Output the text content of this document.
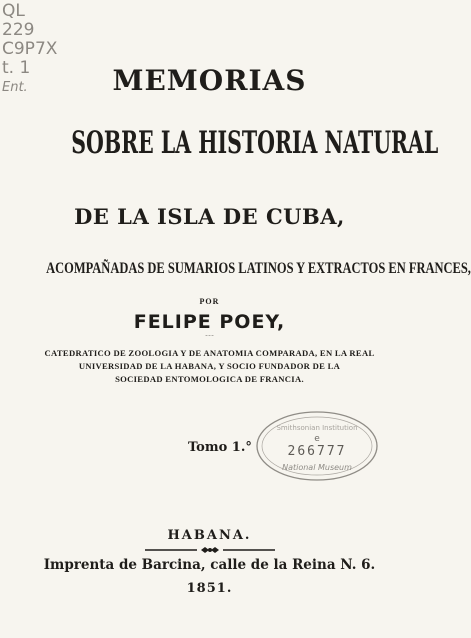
QL
229
C9P7X
t. 1
Ent.	MEMORIAS
SOBRE LA HISTORIA NATURAL
DE LA ISLA DE CUBA,
ACOMPAÑADAS DE SUMARIOS LATINOS Y EXTRACTOS EN FRANCES,
POR
FELIPE POEY,
˘˘˘
CATEDRATICO DE ZOOLOGIA Y DE ANATOMIA COMPARADA, EN LA REAL
UNIVERSIDAD DE LA HABANA, Y SOCIO FUNDADOR DE LA
SOCIEDAD ENTOMOLOGICA DE FRANCIA.
Tomo 1.°
Smithsonian Institution
e
266777
National Museum
HABANA.
Imprenta de Barcina, calle de la Reina N. 6.
1851.
